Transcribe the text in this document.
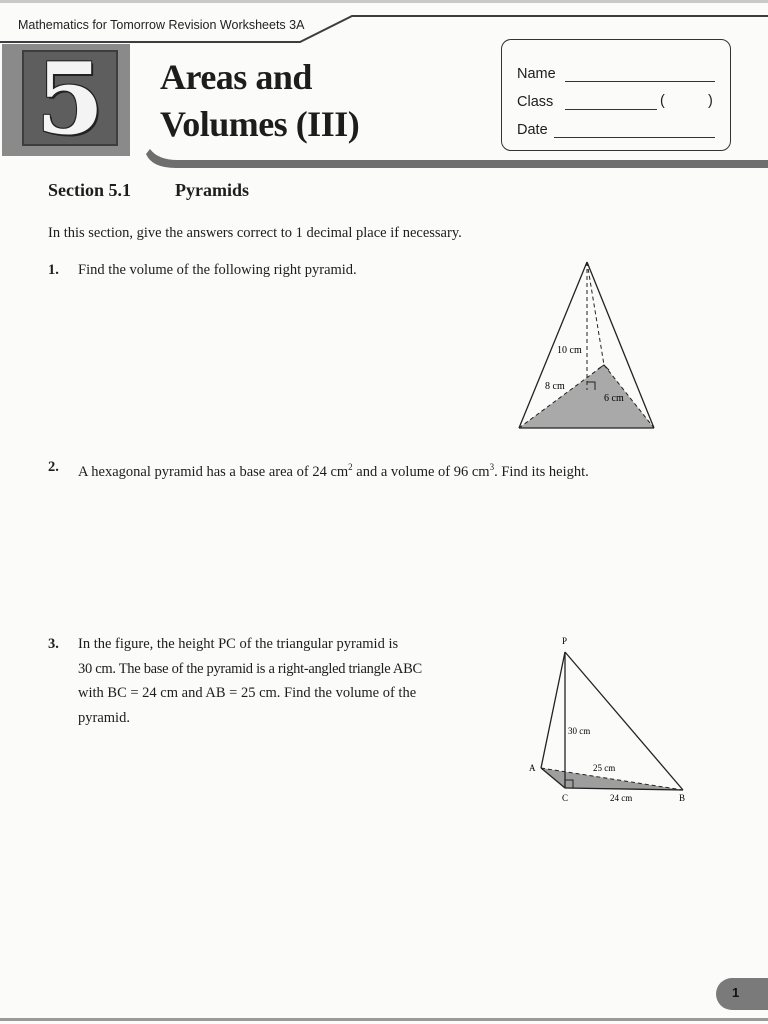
Mathematics for Tomorrow Revision Worksheets 3A
5 Areas and
Volumes (III)
Name
Class	(	)
Date
Section 5.1 Pyramids
In this section, give the answers correct to 1 decimal place if necessary.
1. Find the volume of the following right pyramid.
10 cm
8 cm
6 cm
2. A hexagonal pyramid has a base area of 24 $cm^2$ and a volume of 96 $cm^3$. Find its height.
3. In the figure, the height PC of the triangular pyramid is
30 cm. The base of the pyramid is a right-angled triangle ABC
with BC = 24 cm and AB = 25 cm. Find the volume of the
pyramid.
P
A
C	B
30 cm
25 cm
24 cm
1
